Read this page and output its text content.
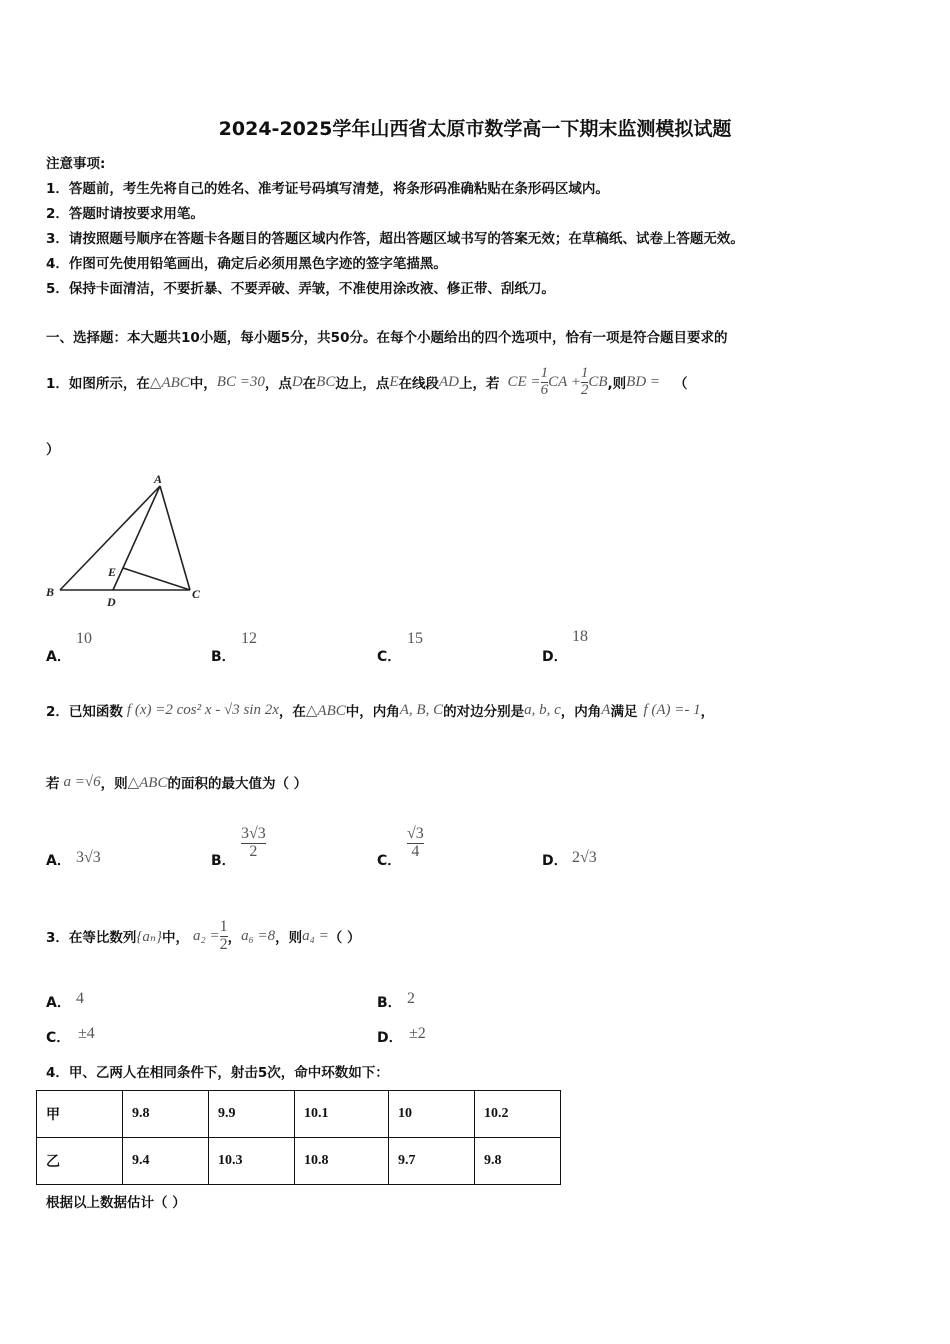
2024-2025学年山西省太原市数学高一下期末监测模拟试题
注意事项:
1．答题前，考生先将自己的姓名、准考证号码填写清楚，将条形码准确粘贴在条形码区域内。
2．答题时请按要求用笔。
3．请按照题号顺序在答题卡各题目的答题区域内作答，超出答题区域书写的答案无效；在草稿纸、试卷上答题无效。
4．作图可先使用铅笔画出，确定后必须用黑色字迹的签字笔描黑。
5．保持卡面清洁，不要折暴、不要弄破、弄皱，不准使用涂改液、修正带、刮纸刀。
一、选择题：本大题共10小题，每小题5分，共50分。在每个小题给出的四个选项中，恰有一项是符合题目要求的
1．如图所示，在 △ABC 中， BC =30 ，点 D 在 BC 边上，点 E 在线段 AD 上，若 CE = $\frac{1}{6}$ CA + $\frac{1}{2}$ CB ,则 BD = （
）
A
B	C
D
E
A．
10
B．
12
C．
15
D．
18
2．已知函数 f (x) =2 cos² x - √3 sin 2x ，在 △ABC 中，内角 A, B, C 的对边分别是 a, b, c ，内角 A 满足 f (A) =- 1 ，
若 a =√6 ，则 △ABC 的面积的最大值为（ ）
A． 3√3	B．
$\frac{3√3}{2}$
C．
$\frac{√3}{4}$
D． 2√3
3．在等比数列 {aₙ} 中， $a_2 = \frac{1}{2}$ ， a₆ =8 ，则 a₄ = （ ）
A． 4	B． 2
C． ±4	D． ±2
4．甲、乙两人在相同条件下，射击5次，命中环数如下：
甲	9.8	9.9	10.1	10	10.2
乙	9.4	10.3	10.8	9.7	9.8
根据以上数据估计（ ）
